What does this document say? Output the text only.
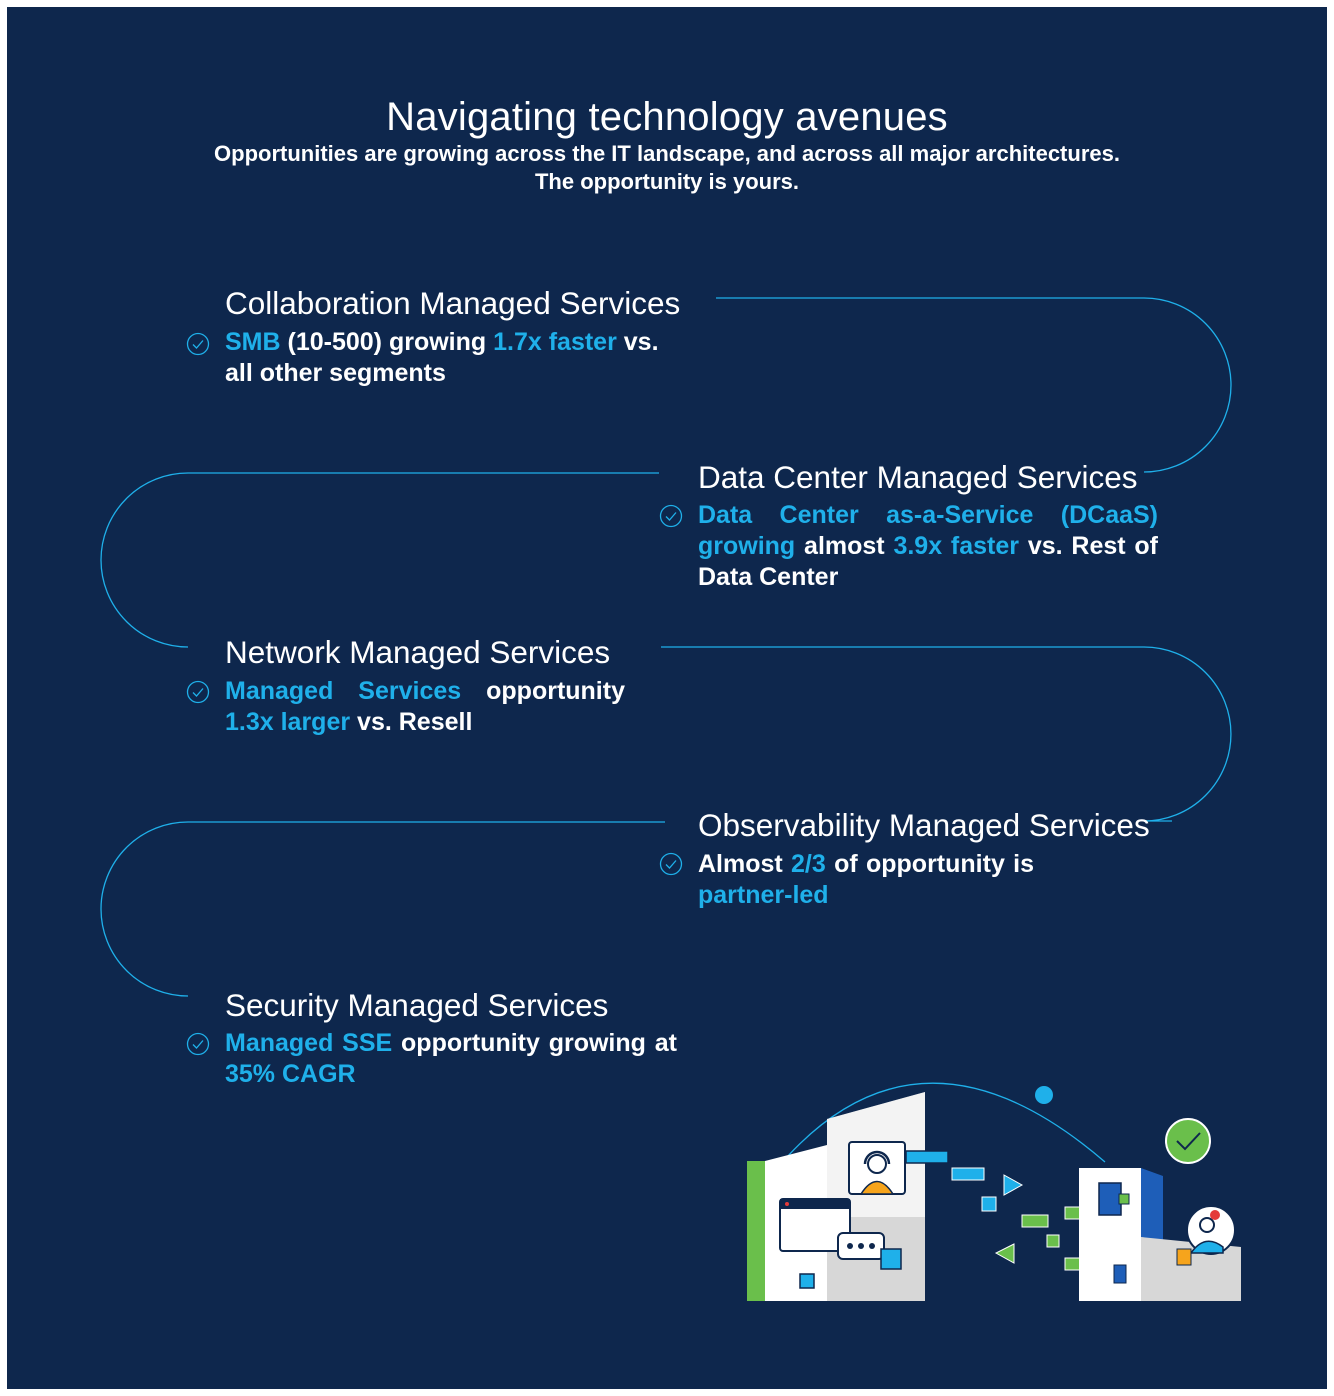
Navigating technology avenues
Opportunities are growing across the IT landscape, and across all major architectures.
The opportunity is yours.
Collaboration Managed Services
SMB (10-500) growing 1.7x faster vs. all other segments
Data Center Managed Services
Data Center as-a-Service (DCaaS) growing almost 3.9x faster vs. Rest of Data Center
Network Managed Services
Managed Services opportunity 1.3x larger vs. Resell
Observability Managed Services
Almost 2/3 of opportunity is partner-led
Security Managed Services
Managed SSE opportunity growing at 35% CAGR
